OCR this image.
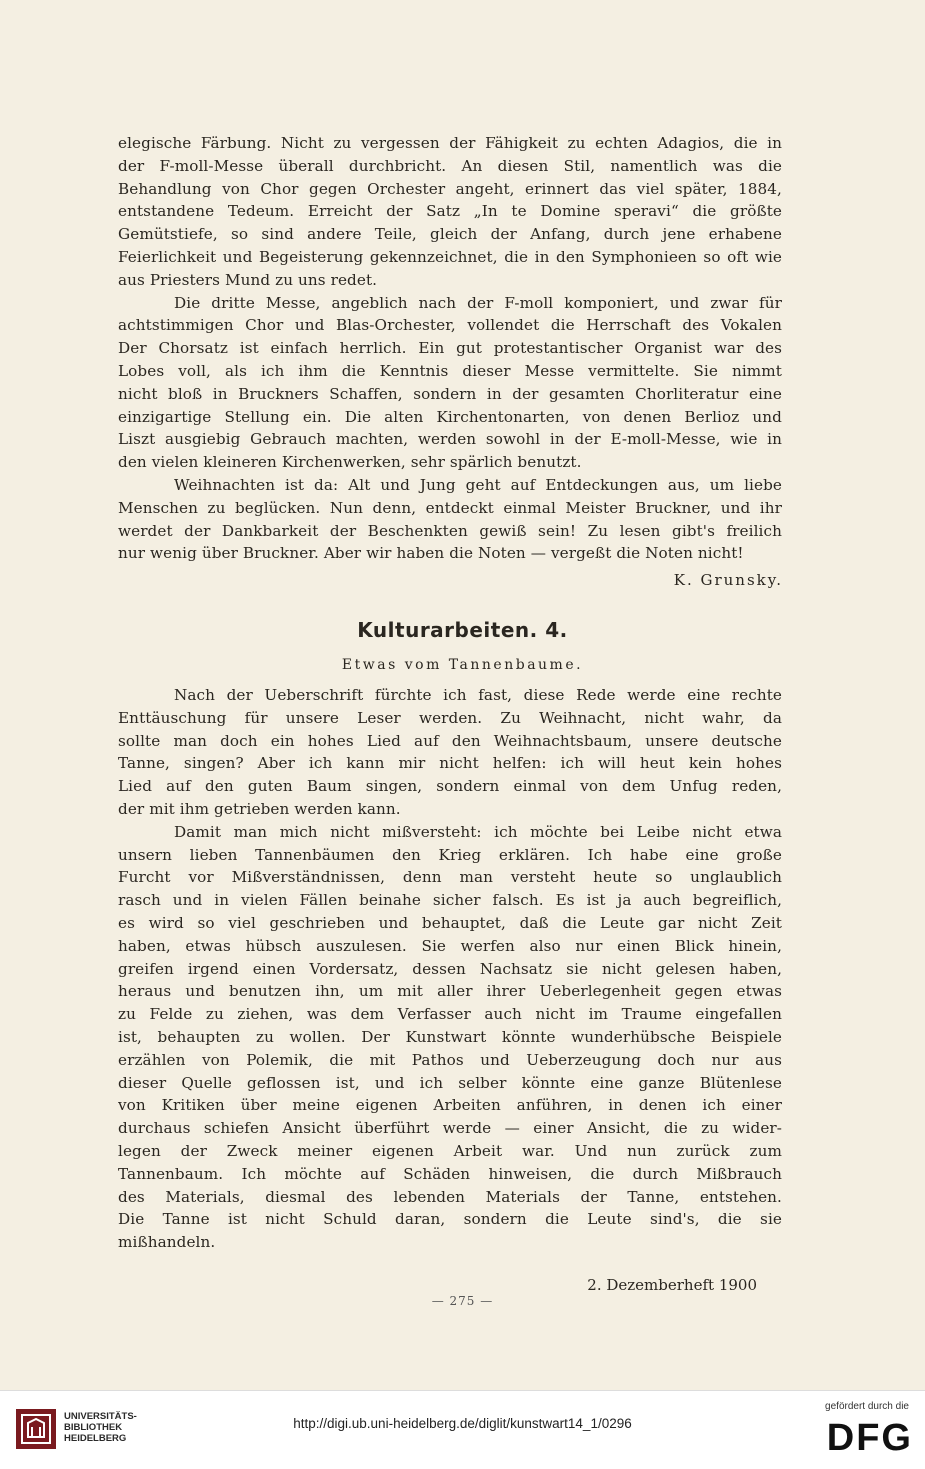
elegische Färbung. Nicht zu vergessen der Fähigkeit zu echten Adagios, die in
der F-moll-Messe überall durchbricht. An diesen Stil, namentlich was die
Behandlung von Chor gegen Orchester angeht, erinnert das viel später, 1884,
entstandene Tedeum. Erreicht der Satz „In te Domine speravi“ die größte
Gemütstiefe, so sind andere Teile, gleich der Anfang, durch jene erhabene
Feierlichkeit und Begeisterung gekennzeichnet, die in den Symphonieen so oft wie
aus Priesters Mund zu uns redet.

Die dritte Messe, angeblich nach der F-moll komponiert, und zwar für
achtstimmigen Chor und Blas-Orchester, vollendet die Herrschaft des Vokalen
Der Chorsatz ist einfach herrlich. Ein gut protestantischer Organist war des
Lobes voll, als ich ihm die Kenntnis dieser Messe vermittelte. Sie nimmt
nicht bloß in Bruckners Schaffen, sondern in der gesamten Chorliteratur eine
einzigartige Stellung ein. Die alten Kirchentonarten, von denen Berlioz und
Liszt ausgiebig Gebrauch machten, werden sowohl in der E-moll-Messe, wie in
den vielen kleineren Kirchenwerken, sehr spärlich benutzt.

Weihnachten ist da: Alt und Jung geht auf Entdeckungen aus, um liebe
Menschen zu beglücken. Nun denn, entdeckt einmal Meister Bruckner, und ihr
werdet der Dankbarkeit der Beschenkten gewiß sein! Zu lesen gibt's freilich
nur wenig über Bruckner. Aber wir haben die Noten — vergeßt die Noten nicht!

K. Grunsky.
Kulturarbeiten. 4.
Etwas vom Tannenbaume.

Nach der Ueberschrift fürchte ich fast, diese Rede werde eine rechte
Enttäuschung für unsere Leser werden. Zu Weihnacht, nicht wahr, da
sollte man doch ein hohes Lied auf den Weihnachtsbaum, unsere deutsche
Tanne, singen? Aber ich kann mir nicht helfen: ich will heut kein hohes
Lied auf den guten Baum singen, sondern einmal von dem Unfug reden,
der mit ihm getrieben werden kann.

Damit man mich nicht mißversteht: ich möchte bei Leibe nicht etwa
unsern lieben Tannenbäumen den Krieg erklären. Ich habe eine große
Furcht vor Mißverständnissen, denn man versteht heute so unglaublich
rasch und in vielen Fällen beinahe sicher falsch. Es ist ja auch begreiflich,
es wird so viel geschrieben und behauptet, daß die Leute gar nicht Zeit
haben, etwas hübsch auszulesen. Sie werfen also nur einen Blick hinein,
greifen irgend einen Vordersatz, dessen Nachsatz sie nicht gelesen haben,
heraus und benutzen ihn, um mit aller ihrer Ueberlegenheit gegen etwas
zu Felde zu ziehen, was dem Verfasser auch nicht im Traume eingefallen
ist, behaupten zu wollen. Der Kunstwart könnte wunderhübsche Beispiele
erzählen von Polemik, die mit Pathos und Ueberzeugung doch nur aus
dieser Quelle geflossen ist, und ich selber könnte eine ganze Blütenlese
von Kritiken über meine eigenen Arbeiten anführen, in denen ich einer
durchaus schiefen Ansicht überführt werde — einer Ansicht, die zu wider-
legen der Zweck meiner eigenen Arbeit war. Und nun zurück zum
Tannenbaum. Ich möchte auf Schäden hinweisen, die durch Mißbrauch
des Materials, diesmal des lebenden Materials der Tanne, entstehen.
Die Tanne ist nicht Schuld daran, sondern die Leute sind's, die sie
mißhandeln.

2. Dezemberheft 1900
— 275 —
UNIVERSITÄTS-
BIBLIOTHEK
HEIDELBERG
http://digi.ub.uni-heidelberg.de/diglit/kunstwart14_1/0296
gefördert durch die
DFG
